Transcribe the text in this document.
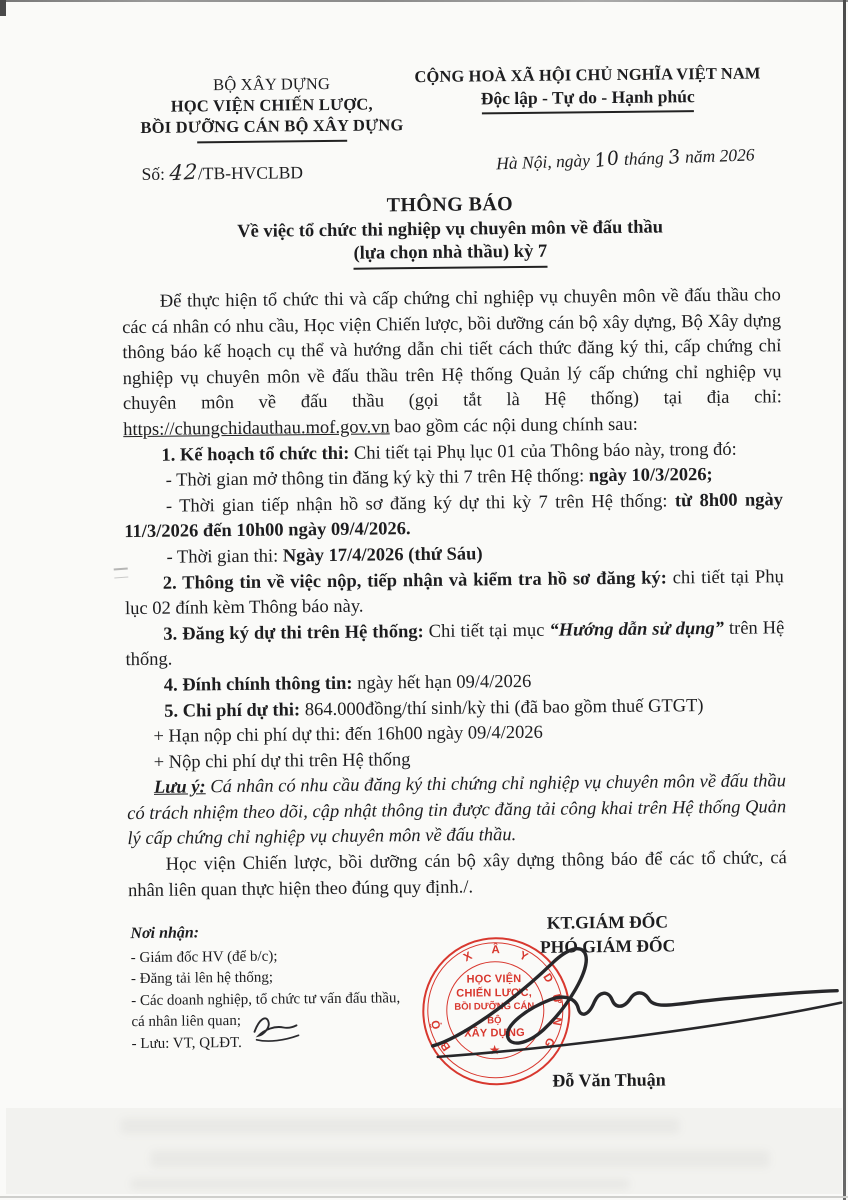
BỘ XÂY DỰNG
HỌC VIỆN CHIẾN LƯỢC,
BỒI DƯỠNG CÁN BỘ XÂY DỰNG
CỘNG HOÀ XÃ HỘI CHỦ NGHĨA VIỆT NAM
Độc lập - Tự do - Hạnh phúc
Số: 42/TB-HVCLBD	Hà Nội, ngày 10 tháng 3 năm 2026
THÔNG BÁO
Về việc tổ chức thi nghiệp vụ chuyên môn về đấu thầu
(lựa chọn nhà thầu) kỳ 7

Để thực hiện tổ chức thi và cấp chứng chỉ nghiệp vụ chuyên môn về đấu thầu cho các cá nhân có nhu cầu, Học viện Chiến lược, bồi dưỡng cán bộ xây dựng, Bộ Xây dựng thông báo kế hoạch cụ thể và hướng dẫn chi tiết cách thức đăng ký thi, cấp chứng chỉ nghiệp vụ chuyên môn về đấu thầu trên Hệ thống Quản lý cấp chứng chỉ nghiệp vụ chuyên môn về đấu thầu (gọi tắt là Hệ thống) tại địa chỉ: https://chungchidauthau.mof.gov.vn bao gồm các nội dung chính sau:

1. Kế hoạch tổ chức thi: Chi tiết tại Phụ lục 01 của Thông báo này, trong đó:

- Thời gian mở thông tin đăng ký kỳ thi 7 trên Hệ thống: ngày 10/3/2026;

- Thời gian tiếp nhận hồ sơ đăng ký dự thi kỳ 7 trên Hệ thống: từ 8h00 ngày 11/3/2026 đến 10h00 ngày 09/4/2026.

- Thời gian thi: Ngày 17/4/2026 (thứ Sáu)

2. Thông tin về việc nộp, tiếp nhận và kiểm tra hồ sơ đăng ký: chi tiết tại Phụ lục 02 đính kèm Thông báo này.

3. Đăng ký dự thi trên Hệ thống: Chi tiết tại mục “Hướng dẫn sử dụng” trên Hệ thống.

4. Đính chính thông tin: ngày hết hạn 09/4/2026

5. Chi phí dự thi: 864.000đồng/thí sinh/kỳ thi (đã bao gồm thuế GTGT)

+ Hạn nộp chi phí dự thi: đến 16h00 ngày 09/4/2026

+ Nộp chi phí dự thi trên Hệ thống

Lưu ý: Cá nhân có nhu cầu đăng ký thi chứng chỉ nghiệp vụ chuyên môn về đấu thầu có trách nhiệm theo dõi, cập nhật thông tin được đăng tải công khai trên Hệ thống Quản lý cấp chứng chỉ nghiệp vụ chuyên môn về đấu thầu.

Học viện Chiến lược, bồi dưỡng cán bộ xây dựng thông báo để các tổ chức, cá nhân liên quan thực hiện theo đúng quy định./.

Nơi nhận:
- Giám đốc HV (để b/c);
- Đăng tải lên hệ thống;
- Các doanh nghiệp, tổ chức tư vấn đấu thầu,
cá nhân liên quan;
- Lưu: VT, QLĐT.
KT.GIÁM ĐỐC
PHÓ GIÁM ĐỐC
Đỗ Văn Thuận
B
Ộ
X Â Y
D
Ự
N
G
HỌC VIỆN
CHIẾN LƯỢC,
BỒI DƯỠNG CÁN BỘ
XÂY DỰNG
★
